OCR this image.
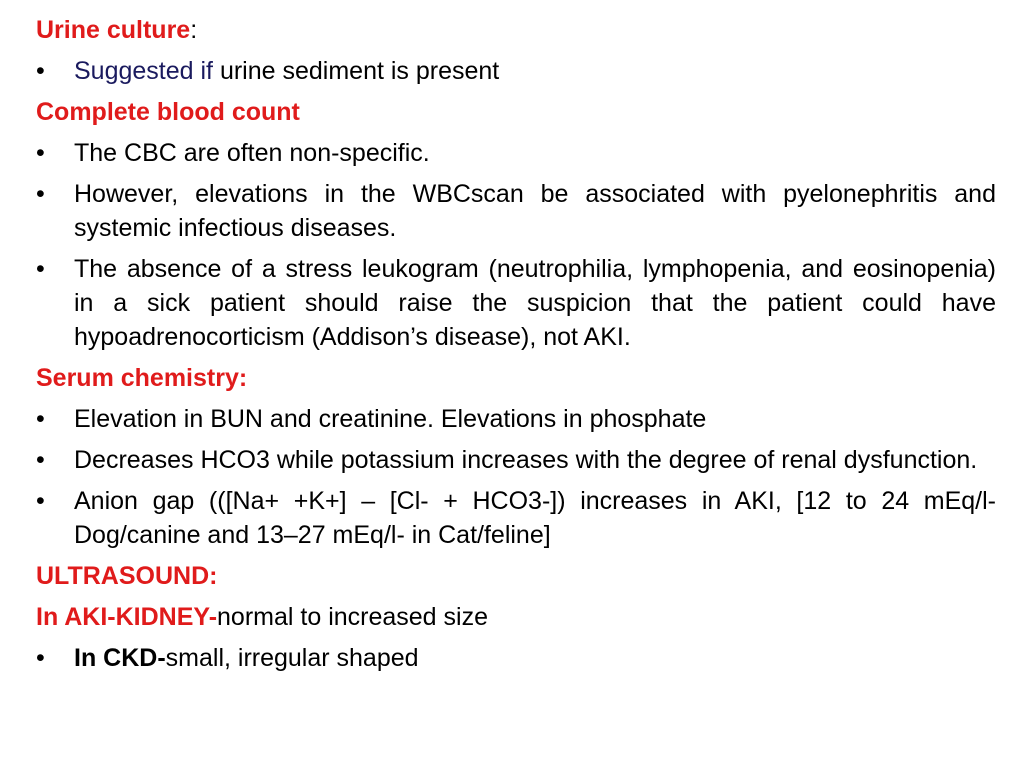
Urine culture:

•	Suggested if urine sediment is present

Complete blood count

•	The CBC are often non-specific.
•	However, elevations in the WBCscan be associated with pyelonephritis and systemic infectious diseases.
•	The absence of a stress leukogram (neutrophilia, lymphopenia, and eosinopenia) in a sick patient should raise the suspicion that the patient could have hypoadrenocorticism (Addison’s disease), not AKI.

Serum chemistry:

•	Elevation in BUN and creatinine. Elevations in phosphate
•	Decreases HCO3 while potassium increases with the degree of renal dysfunction.
•	Anion gap (([Na+ +K+] – [Cl- + HCO3-]) increases in AKI, [12 to 24 mEq/l-Dog/canine and 13–27 mEq/l- in Cat/feline]

ULTRASOUND:

In AKI-KIDNEY-normal to increased size

•	In CKD-small, irregular shaped
